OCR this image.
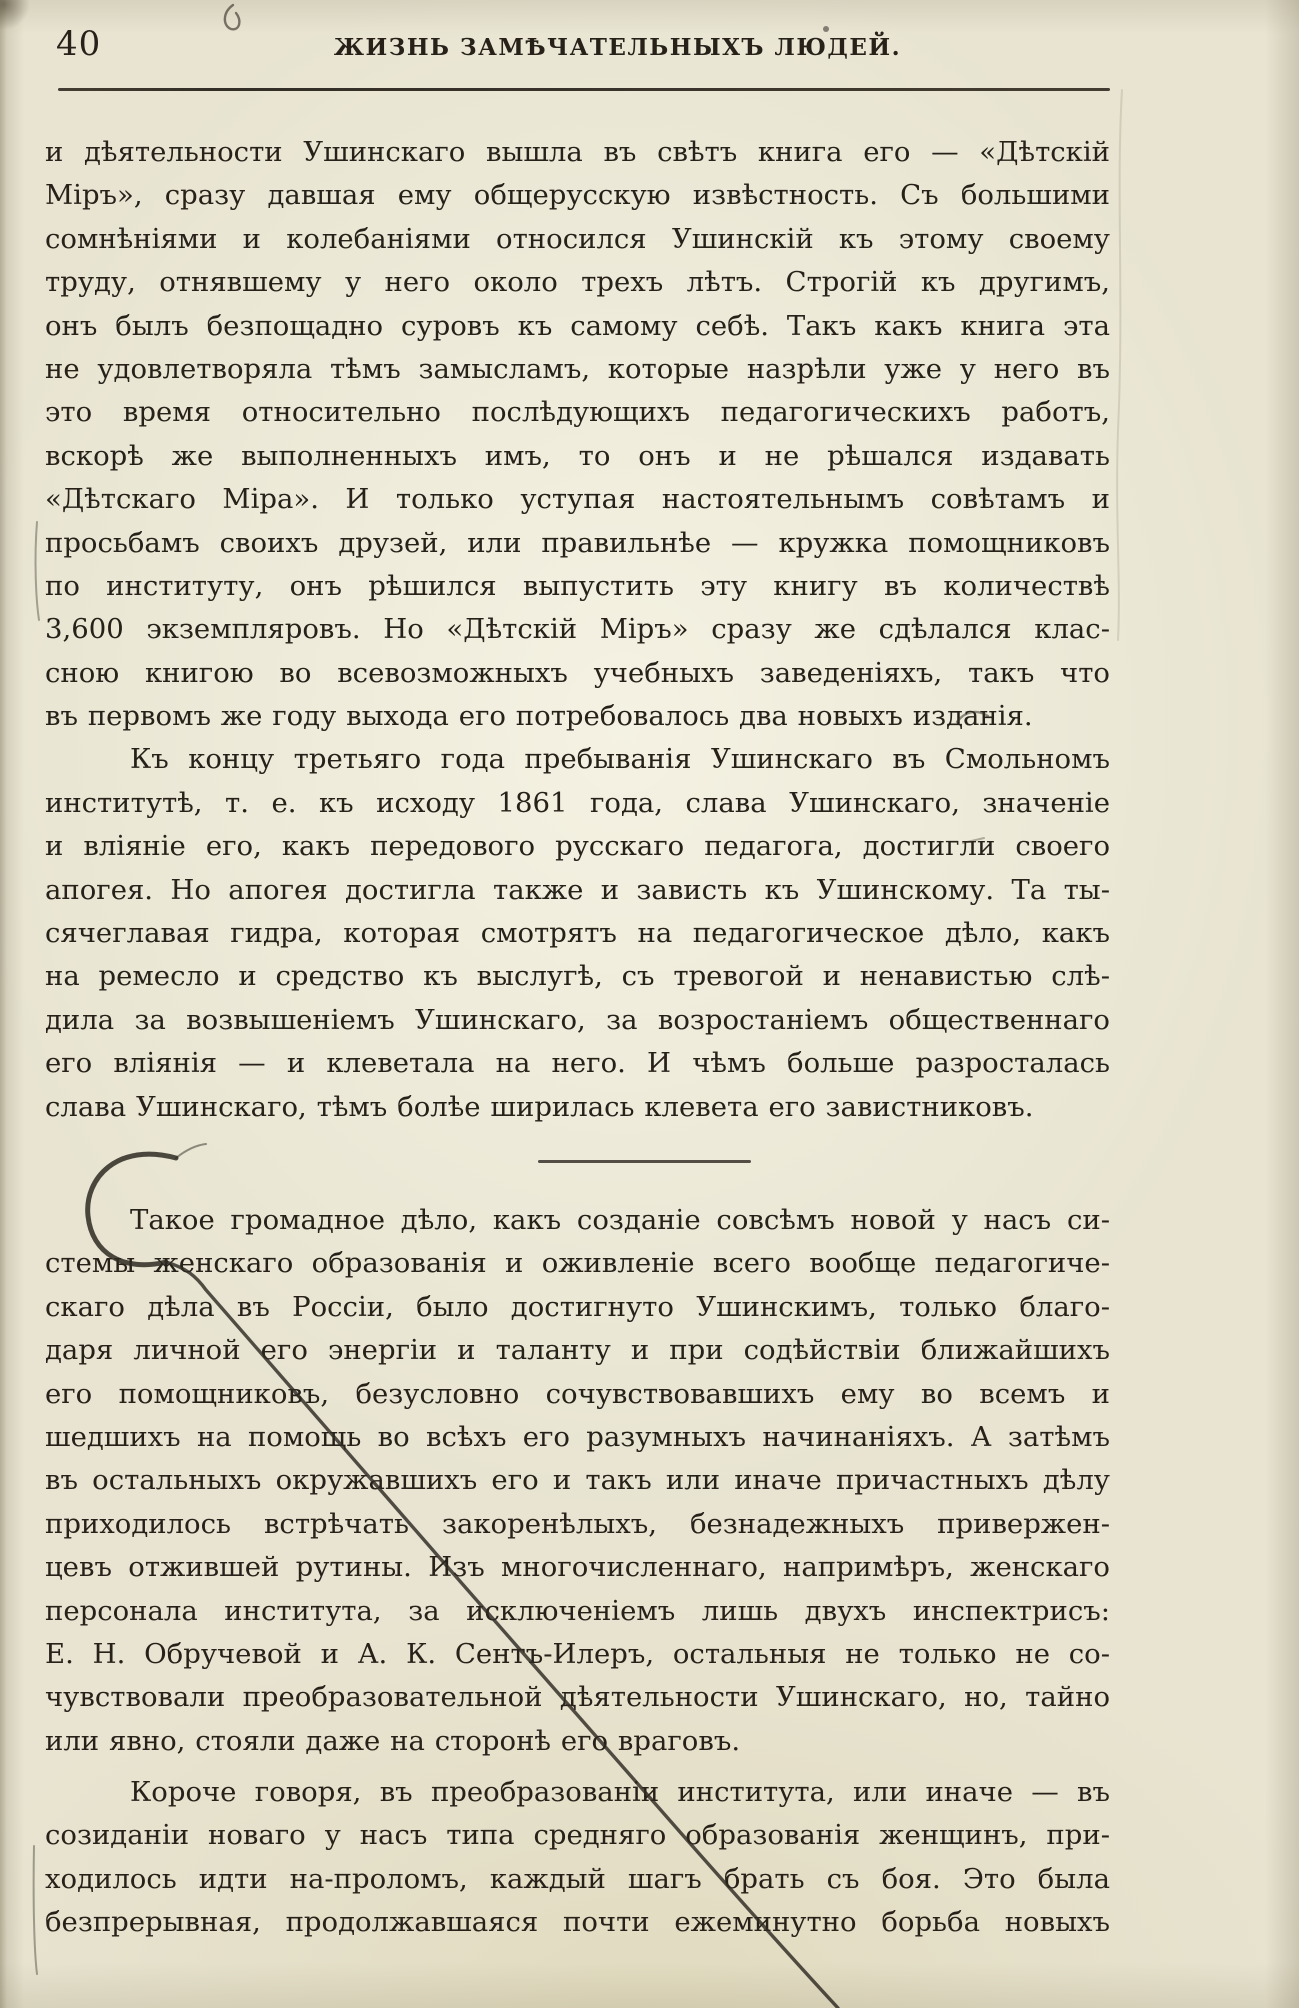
40	ЖИЗНЬ ЗАМѢЧАТЕЛЬНЫХЪ ЛЮДЕЙ.
и дѣятельности Ушинскаго вышла въ свѣтъ книга его — «Дѣтскій
Міръ», сразу давшая ему общерусскую извѣстность. Съ большими
сомнѣніями и колебаніями относился Ушинскій къ этому своему
труду, отнявшему у него около трехъ лѣтъ. Строгій къ другимъ,
онъ былъ безпощадно суровъ къ самому себѣ. Такъ какъ книга эта
не удовлетворяла тѣмъ замысламъ, которые назрѣли уже у него въ
это время относительно послѣдующихъ педагогическихъ работъ,
вскорѣ же выполненныхъ имъ, то онъ и не рѣшался издавать
«Дѣтскаго Міра». И только уступая настоятельнымъ совѣтамъ и
просьбамъ своихъ друзей, или правильнѣе — кружка помощниковъ
по институту, онъ рѣшился выпустить эту книгу въ количествѣ
3,600 экземпляровъ. Но «Дѣтскій Міръ» сразу же сдѣлался клас-
сною книгою во всевозможныхъ учебныхъ заведеніяхъ, такъ что
въ первомъ же году выхода его потребовалось два новыхъ изданія.
Къ концу третьяго года пребыванія Ушинскаго въ Смольномъ
институтѣ, т. е. къ исходу 1861 года, слава Ушинскаго, значеніе
и вліяніе его, какъ передового русскаго педагога, достигли своего
апогея. Но апогея достигла также и зависть къ Ушинскому. Та ты-
сячеглавая гидра, которая смотрятъ на педагогическое дѣло, какъ
на ремесло и средство къ выслугѣ, съ тревогой и ненавистью слѣ-
дила за возвышеніемъ Ушинскаго, за возростаніемъ общественнаго
его вліянія — и клеветала на него. И чѣмъ больше разросталась
слава Ушинскаго, тѣмъ болѣе ширилась клевета его завистниковъ.
Такое громадное дѣло, какъ созданіе совсѣмъ новой у насъ си-
стемы женскаго образованія и оживленіе всего вообще педагогиче-
скаго дѣла въ Россіи, было достигнуто Ушинскимъ, только благо-
даря личной его энергіи и таланту и при содѣйствіи ближайшихъ
его помощниковъ, безусловно сочувствовавшихъ ему во всемъ и
шедшихъ на помощь во всѣхъ его разумныхъ начинаніяхъ. А затѣмъ
въ остальныхъ окружавшихъ его и такъ или иначе причастныхъ дѣлу
приходилось встрѣчать закоренѣлыхъ, безнадежныхъ привержен-
цевъ отжившей рутины. Изъ многочисленнаго, напримѣръ, женскаго
персонала института, за исключеніемъ лишь двухъ инспектрисъ:
Е. Н. Обручевой и А. К. Сентъ-Илеръ, остальныя не только не со-
чувствовали преобразовательной дѣятельности Ушинскаго, но, тайно
или явно, стояли даже на сторонѣ его враговъ.
Короче говоря, въ преобразованіи института, или иначе — въ
созиданіи новаго у насъ типа средняго образованія женщинъ, при-
ходилось идти на-проломъ, каждый шагъ брать съ боя. Это была
безпрерывная, продолжавшаяся почти ежеминутно борьба новыхъ
